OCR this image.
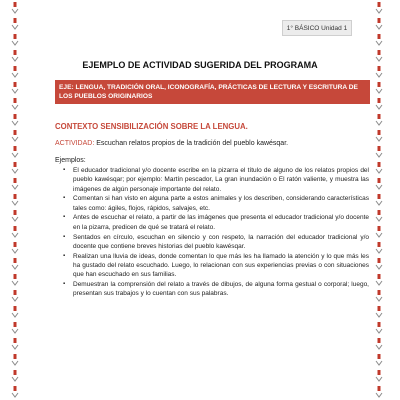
1° BÁSICO Unidad 1
EJEMPLO DE ACTIVIDAD SUGERIDA DEL PROGRAMA
EJE: LENGUA, TRADICIÓN ORAL, ICONOGRAFÍA, PRÁCTICAS DE LECTURA Y ESCRITURA DE LOS PUEBLOS ORIGINARIOS
CONTEXTO SENSIBILIZACIÓN SOBRE LA LENGUA.
ACTIVIDAD: Escuchan relatos propios de la tradición del pueblo kawésqar.
Ejemplos:
▪ El educador tradicional y/o docente escribe en la pizarra el título de alguno de los relatos propios del pueblo kawésqar; por ejemplo: Martín pescador, La gran inundación o El ratón valiente, y muestra las imágenes de algún personaje importante del relato.
▪ Comentan si han visto en alguna parte a estos animales y los describen, considerando características tales como: ágiles, flojos, rápidos, salvajes, etc.
▪ Antes de escuchar el relato, a partir de las imágenes que presenta el educador tradicional y/o docente en la pizarra, predicen de qué se tratará el relato.
▪ Sentados en círculo, escuchan en silencio y con respeto, la narración del educador tradicional y/o docente que contiene breves historias del pueblo kawésqar.
▪ Realizan una lluvia de ideas, donde comentan lo que más les ha llamado la atención y lo que más les ha gustado del relato escuchado. Luego, lo relacionan con sus experiencias previas o con situaciones que han escuchado en sus familias.
▪ Demuestran la comprensión del relato a través de dibujos, de alguna forma gestual o corporal; luego, presentan sus trabajos y lo cuentan con sus palabras.
